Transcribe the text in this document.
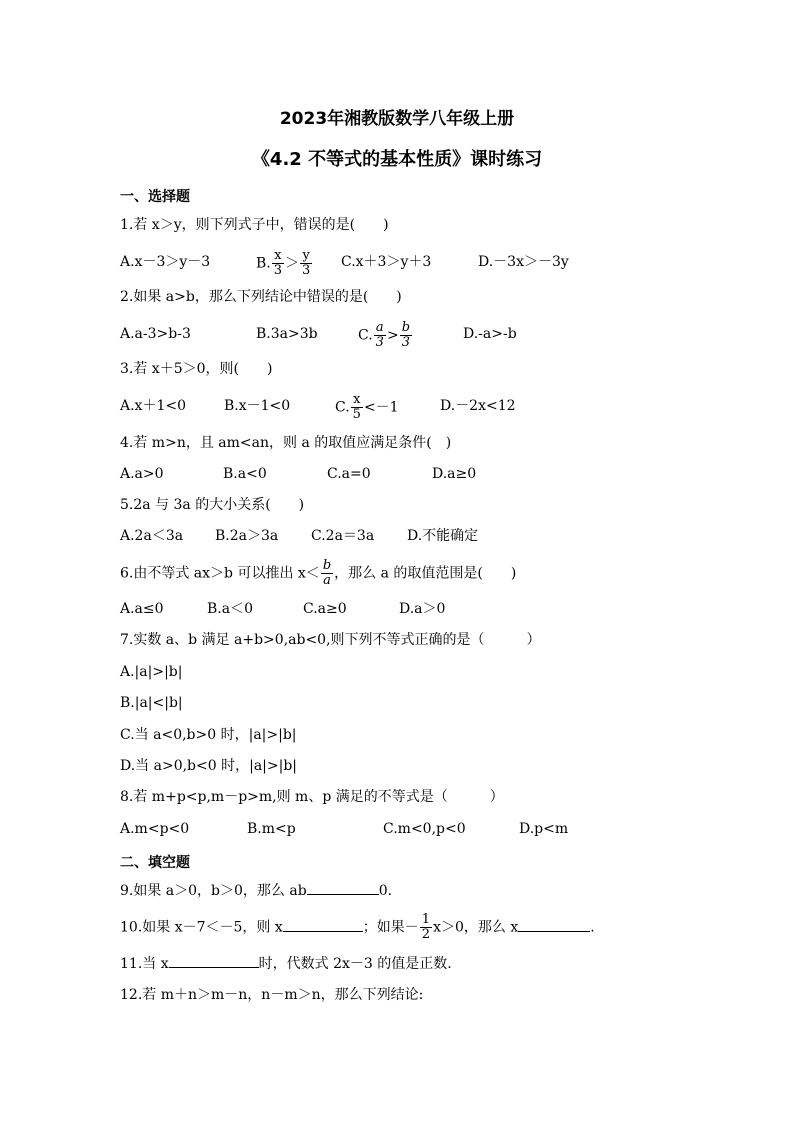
2023年湘教版数学八年级上册
《4.2 不等式的基本性质》课时练习
一、选择题
1.若 x＞y，则下列式子中，错误的是(　　)
A.x－3＞y－3	B. $\frac{x}{3} > \frac{y}{3} C.x+3>y+3$	D.－3x＞－3y
2.如果 a>b，那么下列结论中错误的是(　　)
A.a-3>b-3	B.3a>3b	C. $\frac{a}{3} > \frac{b}{3}$	D.-a>-b
3.若 x＋5＞0，则(　　)
A.x＋1<0	B.x－1<0	C. $\frac{x}{5} <-1$	D.－2x<12
4.若 m>n，且 am<an，则 a 的取值应满足条件(　)
A.a>0	B.a<0	C.a=0	D.a≥0
5.2a 与 3a 的大小关系(　　)
A.2a＜3a B.2a＞3a C.2a＝3a D.不能确定
6.由不等式 ax＞b 可以推出 $x< \frac{b}{a}$ ，那么 a 的取值范围是(　　)
A.a≤0	B.a＜0	C.a≥0	D.a＞0
7.实数 a、b 满足 a+b>0,ab<0,则下列不等式正确的是（　　　）
A.|a|>|b|
B.|a|<|b|
C.当 a<0,b>0 时，|a|>|b|
D.当 a>0,b<0 时，|a|>|b|
8.若 m+p<p,m－p>m,则 m、p 满足的不等式是（　　　）
A.m<p<0	B.m<p	C.m<0,p<0	D.p<m
二、填空题
9.如果 a＞0，b＞0，那么 ab	0.
10.如果 x－7＜－5，则 x	；如果－ $\frac{1}{2} x>0$，那么 x	.
11.当 x	时，代数式 2x－3 的值是正数.
12.若 m＋n＞m－n，n－m＞n，那么下列结论:
